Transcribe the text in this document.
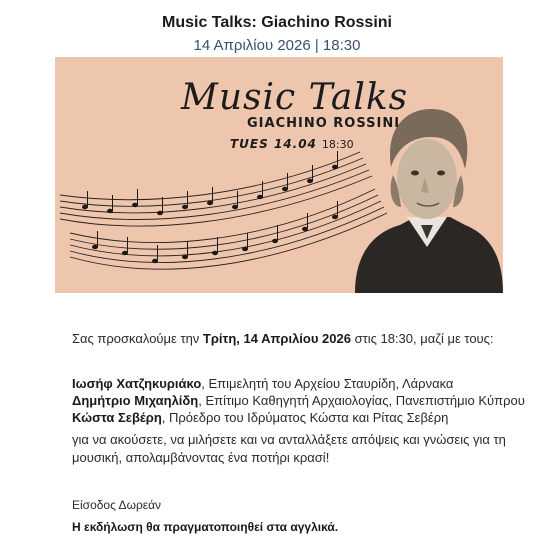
Music Talks: Giachino Rossini
14 Απριλίου 2026 | 18:30
Music Talks
GIACHINO ROSSINI
TUES 14.04 18:30
Σας προσκαλούμε την Τρίτη, 14 Απριλίου 2026 στις 18:30, μαζί με τους:
Ιωσήφ Χατζηκυριάκο, Επιμελητή του Αρχείου Σταυρίδη, Λάρνακα
Δημήτριο Μιχαηλίδη, Επίτιμο Καθηγητή Αρχαιολογίας, Πανεπιστήμιο Κύπρου
Κώστα Σεβέρη, Πρόεδρο του Ιδρύματος Κώστα και Ρίτας Σεβέρη
για να ακούσετε, να μιλήσετε και να ανταλλάξετε απόψεις και γνώσεις για τη
μουσική, απολαμβάνοντας ένα ποτήρι κρασί!
Είσοδος Δωρεάν
Η εκδήλωση θα πραγματοποιηθεί στα αγγλικά.
